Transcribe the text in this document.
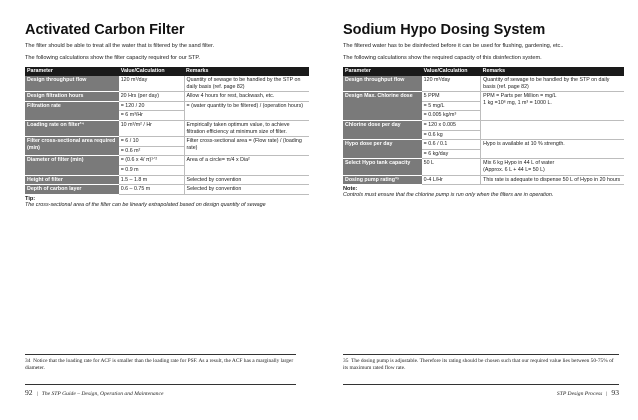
Activated Carbon Filter

The filter should be able to treat all the water that is filtered by the sand filter.

The following calculations show the filter capacity required for our STP.

Parameter	Value/Calculation	Remarks
Design throughput flow	120 m³/day	Quantity of sewage to be handled by the STP on daily basis (ref. page 82)
Design filtration hours	20 Hrs (per day)	Allow 4 hours for rest, backwash, etc.
Filtration rate	= 120 / 20
= 6 m³/Hr	= (water quantity to be filtered) / (operation hours)
Loading rate on filter³⁴	10 m³/m² / Hr	Empirically taken optimum value, to achieve filtration efficiency at minimum size of filter.
Filter cross-sectional area required (min)	= 6 / 10
= 0.6 m²	Filter cross-sectional area = (Flow rate) / (loading rate)
Diameter of filter (min)	= (0.6 x 4/ π)¹ᐟ²
= 0.9 m	Area of a circle= π/4 x Dia²
Height of filter	1.5 – 1.8 m	Selected by convention
Depth of carbon layer	0.6 – 0.75 m	Selected by convention

Tip:

The cross-sectional area of the filter can be linearly extrapolated based on design quantity of sewage

Sodium Hypo Dosing System

The filtered water has to be disinfected before it can be used for flushing, gardening, etc..

The following calculations show the required capacity of this disinfection system.

Parameter	Value/Calculation	Remarks
Design throughput flow	120 m³/day	Quantity of sewage to be handled by the STP on daily basis (ref. page 82)
Design Max. Chlorine dose	5 PPM
= 5 mg/L
= 0.005 kg/m³	PPM = Parts per Million = mg/L
1 kg =10⁶ mg, 1 m³ = 1000 L.
Chlorine dose per day	= 120 x 0.005
= 0.6 kg	

Hypo dose per day	= 0.6 / 0.1
= 6 kg/day	Hypo is available at 10 % strength.
Select Hypo tank capacity	50 L	Mix 6 kg Hypo in 44 L of water
(Approx. 6 L + 44 L= 50 L)
Dosing pump rating³⁵	0-4 L/Hr	This rate is adequate to dispense 50 L of Hypo in 20 hours

Note:

Controls must ensure that the chlorine pump is run only when the filters are in operation.

34 Notice that the loading rate for ACF is smaller than the loading rate for PSF. As a result, the ACF has a marginally larger diameter.
92 | The STP Guide – Design, Operation and Maintenance
35 The dosing pump is adjustable. Therefore its rating should be chosen such that our required value lies between 50-75% of its maximum rated flow rate.
STP Design Process | 93
